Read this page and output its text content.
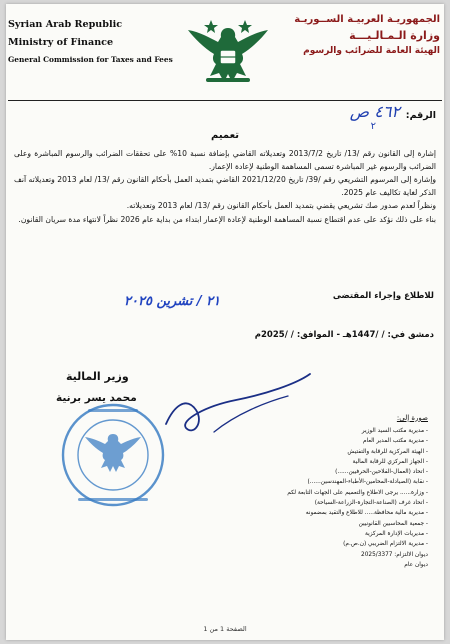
Syrian Arab Republic
Ministry of Finance
General Commission for Taxes and Fees
الجمهوريـة العربيـة الســوريـة
وزارة الـمـالـيـــة
الهيئة العامة للضرائب والرسوم
الرقم:
٤٦٢ ص
٢
تعميم

إشارة إلى القانون رقم /13/ تاريخ 2013/7/2 وتعديلاته القاضي بإضافة نسبة 10% على تحققات الضرائب والرسوم المباشرة وعلى الضرائب والرسوم غير المباشرة تسمى المساهمة الوطنية لإعادة الإعمار.

وإشارة إلى المرسوم التشريعي رقم /39/ تاريخ 2021/12/20 القاضي بتمديد العمل بأحكام القانون رقم /13/ لعام 2013 وتعديلاته آنف الذكر لغاية تكاليف عام 2025.

ونظراً لعدم صدور صك تشريعي يقضي بتمديد العمل بأحكام القانون رقم /13/ لعام 2013 وتعديلاته.

بناء على ذلك نؤكد على عدم اقتطاع نسبة المساهمة الوطنية لإعادة الإعمار ابتداء من بداية عام 2026 نظراً لانتهاء مدة سريان القانون.

للاطلاع وإجراء المقتضى
٢١ / تشرين ٢٠٢٥
دمشق في: / /1447هـ - الموافق: / /2025م
وزير المالية
محمد يسر برنية
صورة إلى:
- مديرية مكتب السيد الوزير
- مديرية مكتب المدير العام
- الهيئة المركزية للرقابة والتفتيش
- الجهاز المركزي للرقابة المالية
- اتحاد (العمال-الفلاحين-الحرفيين......)
- نقابة (الصيادلة-المحامين-الأطباء-المهندسين......)
- وزارة...... يرجى الاطلاع والتعميم على الجهات التابعة لكم
- اتحاد غرف (الصناعة-التجارة-الزراعة-السياحة)
- مديرية مالية محافظة..... للاطلاع والتقيد بمضمونه
- جمعية المحاسبين القانونيين
- مديريات الإدارة المركزية
- مديرية الالتزام الضريبي (ن.ص.م)
ديوان الالتزام: 2025/3377
ديوان عام
الصفحة 1 من 1
